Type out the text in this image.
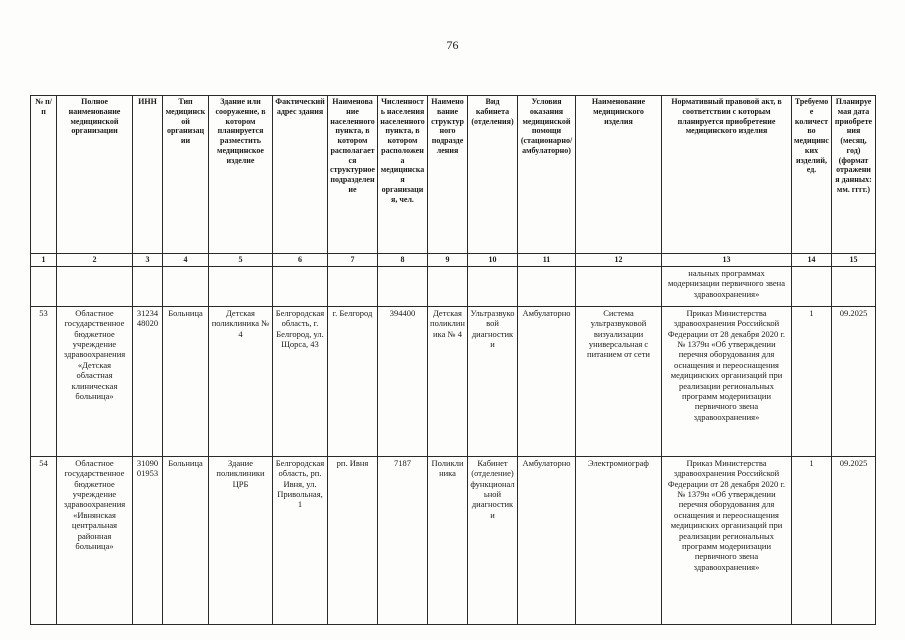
76
№ п/п	Полное наименование медицинской организации	ИНН	Тип медицинской организации	Здание или сооружение, в котором планируется разместить медицинское изделие	Фактический адрес здания	Наименование населенного пункта, в котором располагается структурное подразделение	Численность населения населенного пункта, в котором расположена медицинская организация, чел.	Наименование структурного подразделения	Вид кабинета (отделения)	Условия оказания медицинской помощи (стационарно/амбулаторно)	Наименование медицинского изделия	Нормативный правовой акт, в соответствии с которым планируется приобретение медицинского изделия	Требуемое количество медицинских изделий, ед.	Планируемая дата приобретения (месяц, год) (формат отражения данных: мм. гггг.)
1	2	3	4	5	6	7	8	9	10	11	12	13	14	15
												нальных программах модернизации первичного звена здравоохранения»		
53	Областное государственное бюджетное учреждение здравоохранения «Детская областная клиническая больница»	3123448020	Больница	Детская поликлиника № 4	Белгородская область, г. Белгород, ул. Щорса, 43	г. Белгород	394400	Детская поликлиника № 4	Ультразвуковой диагностики	Амбулаторно	Система ультразвуковой визуализации универсальная с питанием от сети	Приказ Министерства здравоохранения Российской Федерации от 28 декабря 2020 г. № 1379н «Об утверждении перечня оборудования для оснащения и переоснащения медицинских организаций при реализации региональных программ модернизации первичного звена здравоохранения»	1	09.2025
54	Областное государственное бюджетное учреждение здравоохранения «Ивнянская центральная районная больница»	3109001953	Больница	Здание поликлиники ЦРБ	Белгородская область, рп. Ивня, ул. Привольная, 1	рп. Ивня	7187	Поликлиника	Кабинет (отделение) функциональной диагностики	Амбулаторно	Электромиограф	Приказ Министерства здравоохранения Российской Федерации от 28 декабря 2020 г. № 1379н «Об утверждении перечня оборудования для оснащения и переоснащения медицинских организаций при реализации региональных программ модернизации первичного звена здравоохранения»	1	09.2025
